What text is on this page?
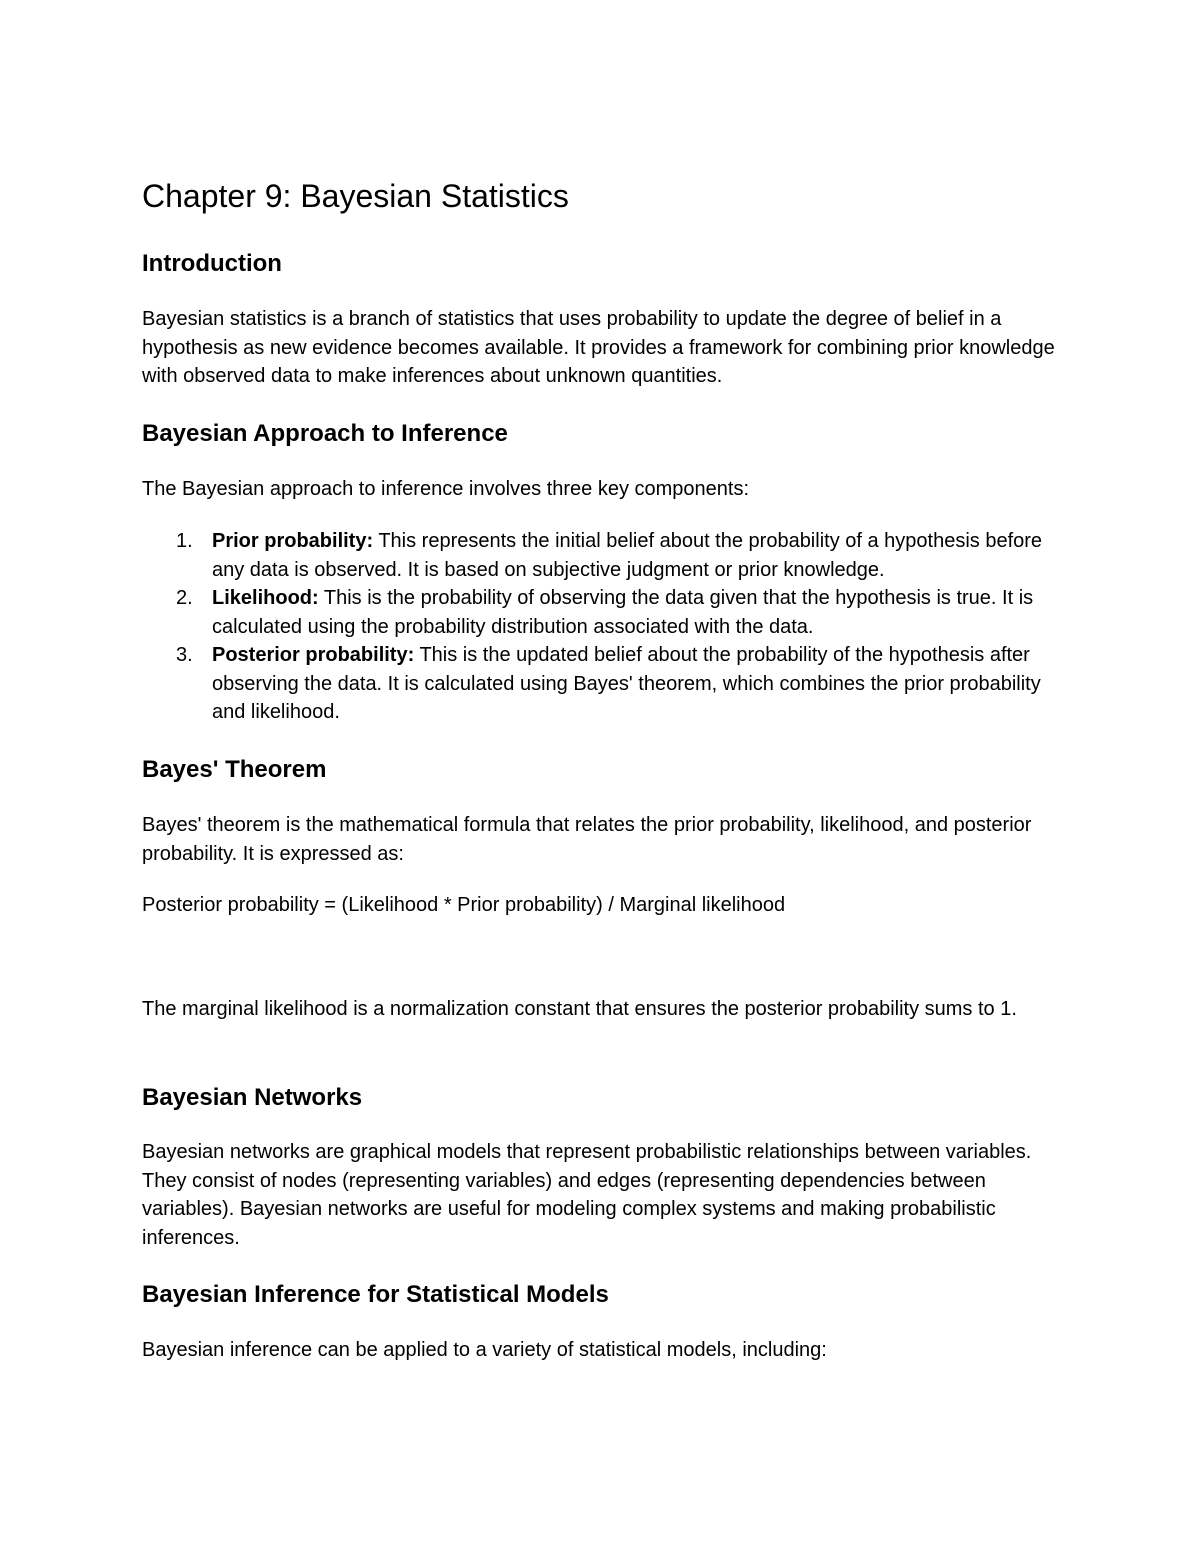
Chapter 9: Bayesian Statistics
Introduction

Bayesian statistics is a branch of statistics that uses probability to update the degree of belief in a hypothesis as new evidence becomes available. It provides a framework for combining prior knowledge with observed data to make inferences about unknown quantities.

Bayesian Approach to Inference

The Bayesian approach to inference involves three key components:

1. Prior probability: This represents the initial belief about the probability of a hypothesis before any data is observed. It is based on subjective judgment or prior knowledge.
2. Likelihood: This is the probability of observing the data given that the hypothesis is true. It is calculated using the probability distribution associated with the data.
3. Posterior probability: This is the updated belief about the probability of the hypothesis after observing the data. It is calculated using Bayes' theorem, which combines the prior probability and likelihood.
Bayes' Theorem

Bayes' theorem is the mathematical formula that relates the prior probability, likelihood, and posterior probability. It is expressed as:

Posterior probability = (Likelihood * Prior probability) / Marginal likelihood

The marginal likelihood is a normalization constant that ensures the posterior probability sums to 1.

Bayesian Networks

Bayesian networks are graphical models that represent probabilistic relationships between variables. They consist of nodes (representing variables) and edges (representing dependencies between variables). Bayesian networks are useful for modeling complex systems and making probabilistic inferences.

Bayesian Inference for Statistical Models

Bayesian inference can be applied to a variety of statistical models, including:
